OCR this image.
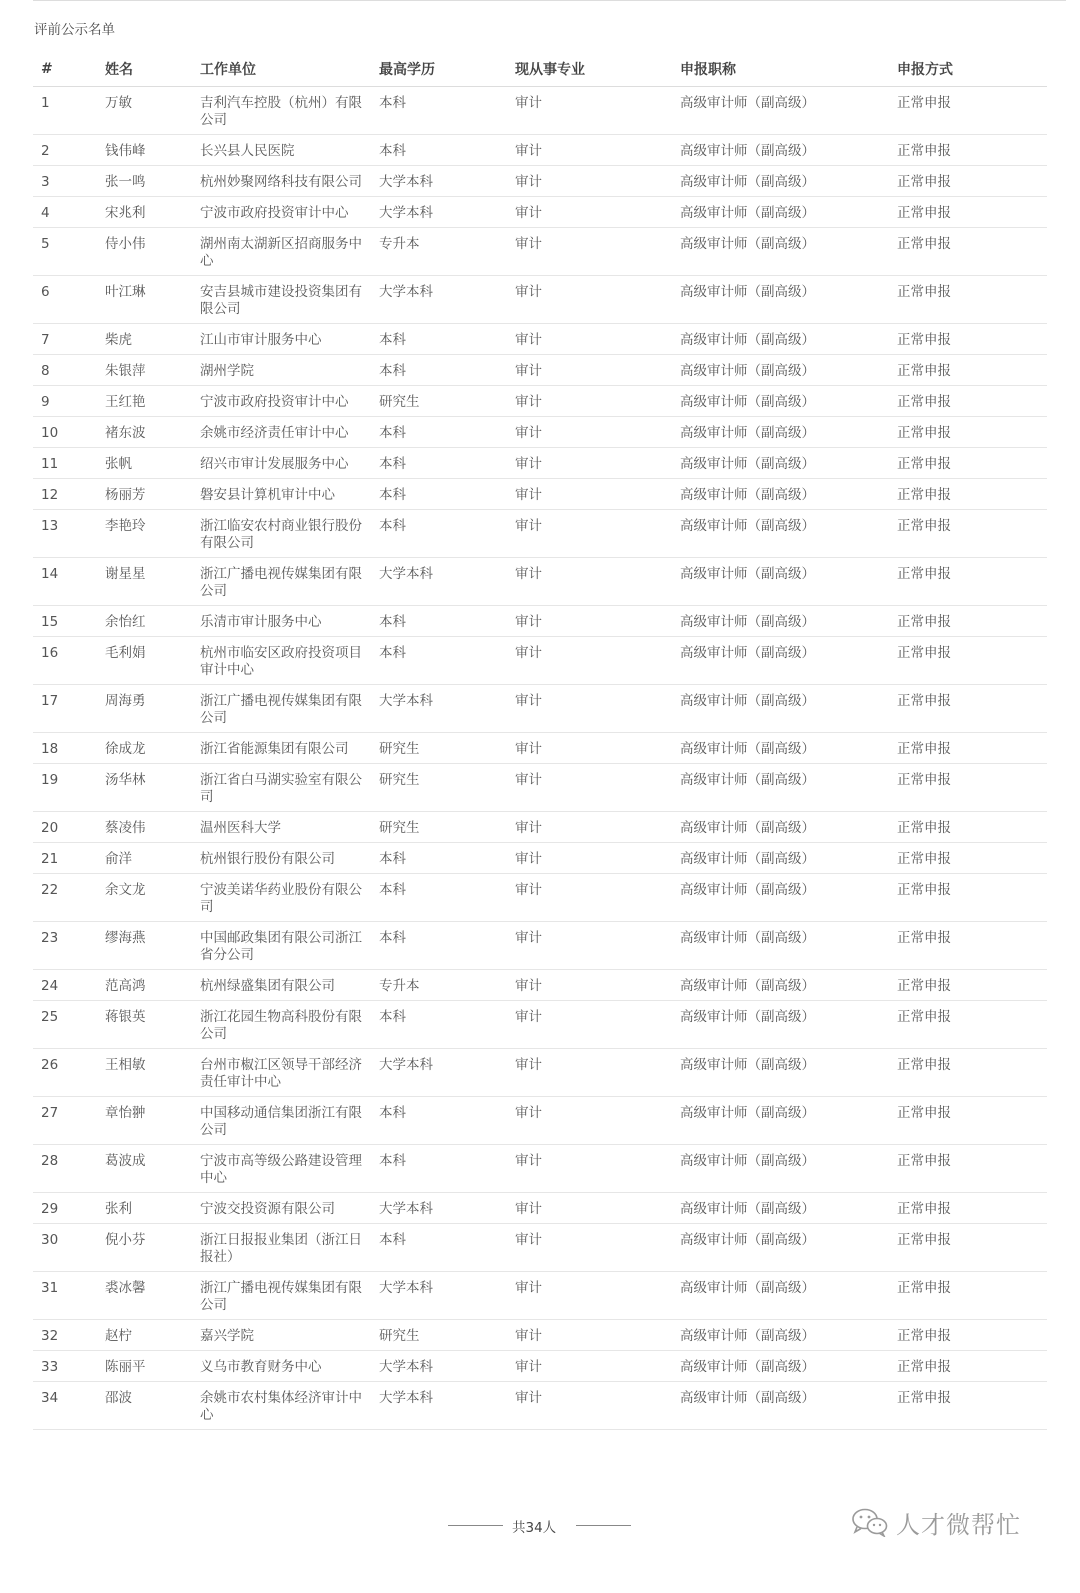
评前公示名单
#	姓名	工作单位	最高学历	现从事专业	申报职称	申报方式
1	万敏	吉利汽车控股（杭州）有限公司	本科	审计	高级审计师（副高级）	正常申报
2	钱伟峰	长兴县人民医院	本科	审计	高级审计师（副高级）	正常申报
3	张一鸣	杭州妙聚网络科技有限公司	大学本科	审计	高级审计师（副高级）	正常申报
4	宋兆利	宁波市政府投资审计中心	大学本科	审计	高级审计师（副高级）	正常申报
5	侍小伟	湖州南太湖新区招商服务中心	专升本	审计	高级审计师（副高级）	正常申报
6	叶江琳	安吉县城市建设投资集团有限公司	大学本科	审计	高级审计师（副高级）	正常申报
7	柴虎	江山市审计服务中心	本科	审计	高级审计师（副高级）	正常申报
8	朱银萍	湖州学院	本科	审计	高级审计师（副高级）	正常申报
9	王红艳	宁波市政府投资审计中心	研究生	审计	高级审计师（副高级）	正常申报
10	褚东波	余姚市经济责任审计中心	本科	审计	高级审计师（副高级）	正常申报
11	张帆	绍兴市审计发展服务中心	本科	审计	高级审计师（副高级）	正常申报
12	杨丽芳	磐安县计算机审计中心	本科	审计	高级审计师（副高级）	正常申报
13	李艳玲	浙江临安农村商业银行股份有限公司	本科	审计	高级审计师（副高级）	正常申报
14	谢星星	浙江广播电视传媒集团有限公司	大学本科	审计	高级审计师（副高级）	正常申报
15	余怡红	乐清市审计服务中心	本科	审计	高级审计师（副高级）	正常申报
16	毛利娟	杭州市临安区政府投资项目审计中心	本科	审计	高级审计师（副高级）	正常申报
17	周海勇	浙江广播电视传媒集团有限公司	大学本科	审计	高级审计师（副高级）	正常申报
18	徐成龙	浙江省能源集团有限公司	研究生	审计	高级审计师（副高级）	正常申报
19	汤华林	浙江省白马湖实验室有限公司	研究生	审计	高级审计师（副高级）	正常申报
20	蔡凌伟	温州医科大学	研究生	审计	高级审计师（副高级）	正常申报
21	俞洋	杭州银行股份有限公司	本科	审计	高级审计师（副高级）	正常申报
22	余文龙	宁波美诺华药业股份有限公司	本科	审计	高级审计师（副高级）	正常申报
23	缪海燕	中国邮政集团有限公司浙江省分公司	本科	审计	高级审计师（副高级）	正常申报
24	范高鸿	杭州绿盛集团有限公司	专升本	审计	高级审计师（副高级）	正常申报
25	蒋银英	浙江花园生物高科股份有限公司	本科	审计	高级审计师（副高级）	正常申报
26	王相敏	台州市椒江区领导干部经济责任审计中心	大学本科	审计	高级审计师（副高级）	正常申报
27	章怡翀	中国移动通信集团浙江有限公司	本科	审计	高级审计师（副高级）	正常申报
28	葛波成	宁波市高等级公路建设管理中心	本科	审计	高级审计师（副高级）	正常申报
29	张利	宁波交投资源有限公司	大学本科	审计	高级审计师（副高级）	正常申报
30	倪小芬	浙江日报报业集团（浙江日报社）	本科	审计	高级审计师（副高级）	正常申报
31	裘冰馨	浙江广播电视传媒集团有限公司	大学本科	审计	高级审计师（副高级）	正常申报
32	赵柠	嘉兴学院	研究生	审计	高级审计师（副高级）	正常申报
33	陈丽平	义乌市教育财务中心	大学本科	审计	高级审计师（副高级）	正常申报
34	邵波	余姚市农村集体经济审计中心	大学本科	审计	高级审计师（副高级）	正常申报
共34人	人才微帮忙
